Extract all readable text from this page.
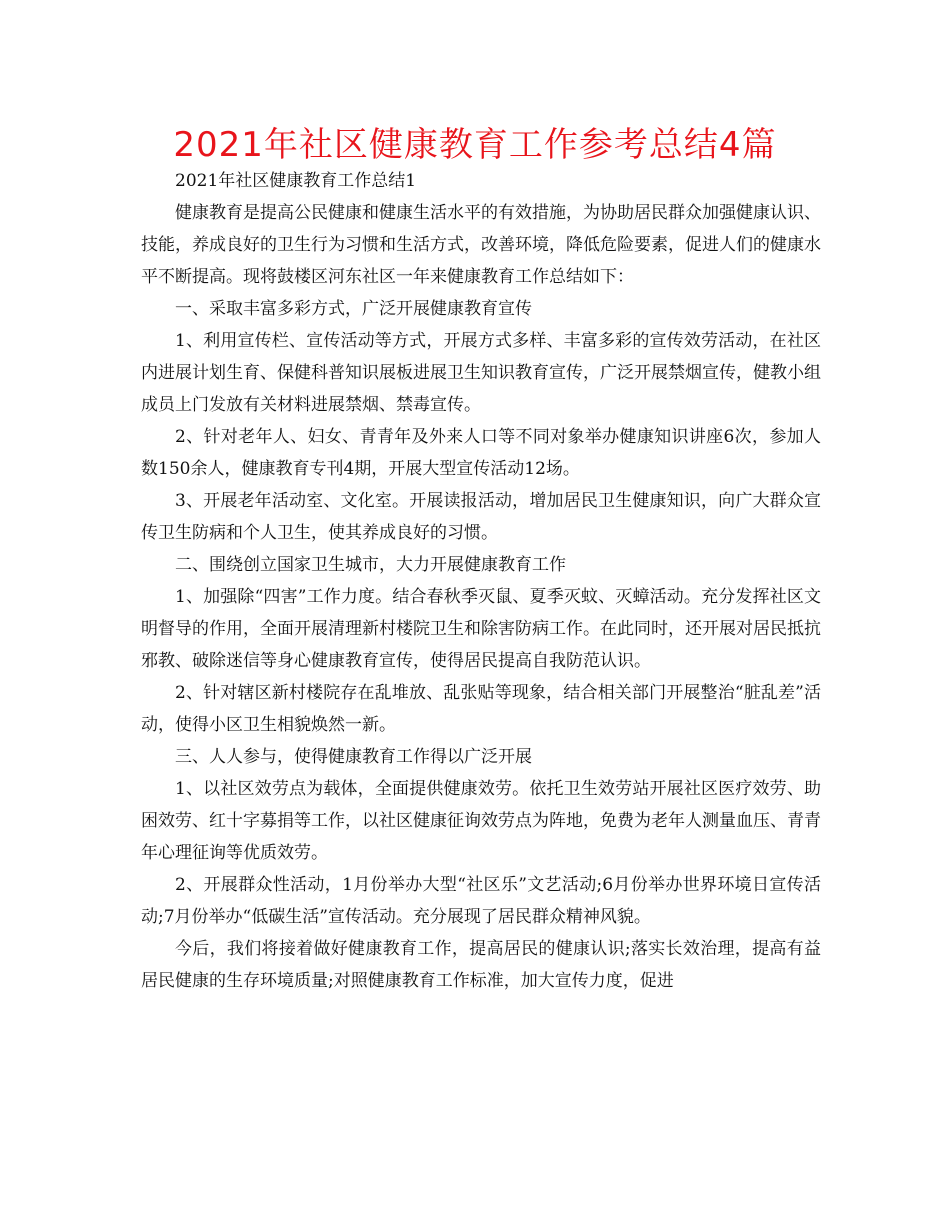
2021年社区健康教育工作参考总结4篇

2021年社区健康教育工作总结1

健康教育是提高公民健康和健康生活水平的有效措施，为协助居民群众加强健康认识、技能，养成良好的卫生行为习惯和生活方式，改善环境，降低危险要素，促进人们的健康水平不断提高。现将鼓楼区河东社区一年来健康教育工作总结如下：

一、采取丰富多彩方式，广泛开展健康教育宣传

1、利用宣传栏、宣传活动等方式，开展方式多样、丰富多彩的宣传效劳活动，在社区内进展计划生育、保健科普知识展板进展卫生知识教育宣传，广泛开展禁烟宣传，健教小组成员上门发放有关材料进展禁烟、禁毒宣传。

2、针对老年人、妇女、青青年及外来人口等不同对象举办健康知识讲座6次，参加人数150余人，健康教育专刊4期，开展大型宣传活动12场。

3、开展老年活动室、文化室。开展读报活动，增加居民卫生健康知识，向广大群众宣传卫生防病和个人卫生，使其养成良好的习惯。

二、围绕创立国家卫生城市，大力开展健康教育工作

1、加强除“四害”工作力度。结合春秋季灭鼠、夏季灭蚊、灭蟑活动。充分发挥社区文明督导的作用，全面开展清理新村楼院卫生和除害防病工作。在此同时，还开展对居民抵抗邪教、破除迷信等身心健康教育宣传，使得居民提高自我防范认识。

2、针对辖区新村楼院存在乱堆放、乱张贴等现象，结合相关部门开展整治“脏乱差”活动，使得小区卫生相貌焕然一新。

三、人人参与，使得健康教育工作得以广泛开展

1、以社区效劳点为载体，全面提供健康效劳。依托卫生效劳站开展社区医疗效劳、助困效劳、红十字募捐等工作，以社区健康征询效劳点为阵地，免费为老年人测量血压、青青年心理征询等优质效劳。

2、开展群众性活动，1月份举办大型“社区乐”文艺活动;6月份举办世界环境日宣传活动;7月份举办“低碳生活”宣传活动。充分展现了居民群众精神风貌。

今后，我们将接着做好健康教育工作，提高居民的健康认识;落实长效治理，提高有益居民健康的生存环境质量;对照健康教育工作标准，加大宣传力度，促进
